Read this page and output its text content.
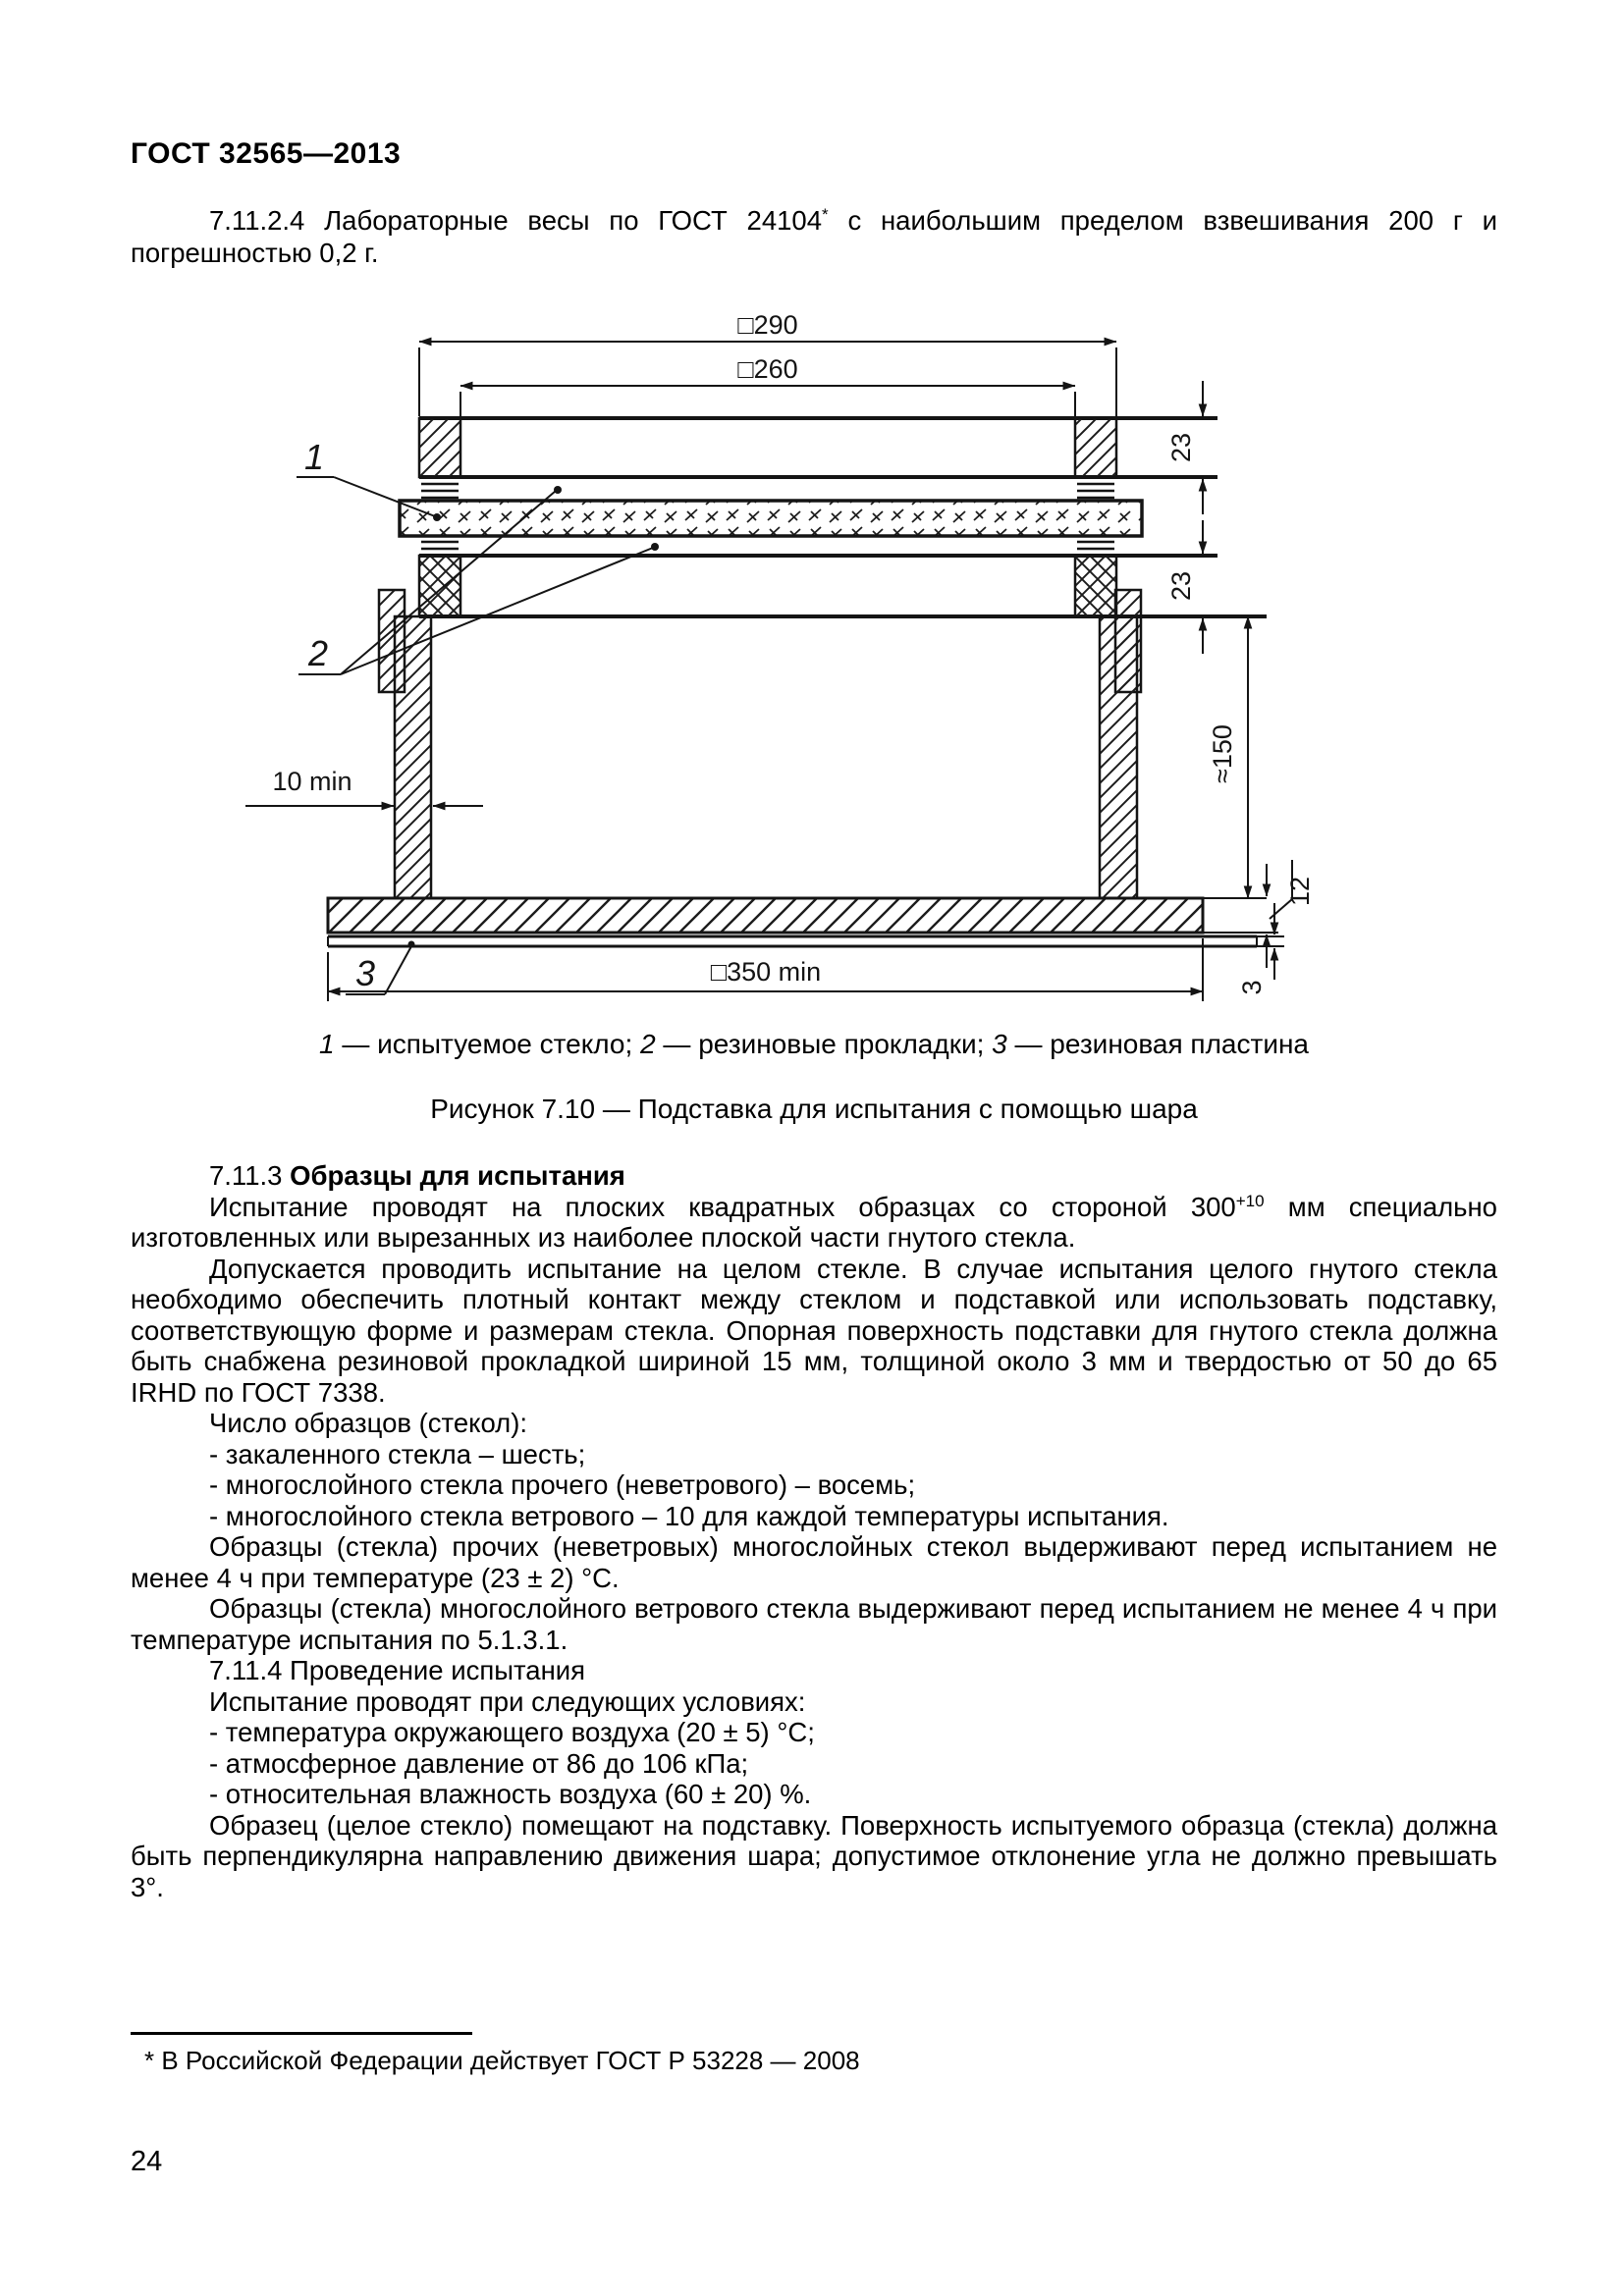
ГОСТ 32565—2013

7.11.2.4 Лабораторные весы по ГОСТ 24104* с наибольшим пределом взвешивания 200 г и погрешностью 0,2 г.

□290
□260
23
23
≈150
12
3
10 min
□350 min
1
2
3
1 — испытуемое стекло; 2 — резиновые прокладки; 3 — резиновая пластина
Рисунок 7.10 — Подставка для испытания с помощью шара

7.11.3 Образцы для испытания

Испытание проводят на плоских квадратных образцах со стороной $300^{+10}$ мм специально изготовленных или вырезанных из наиболее плоской части гнутого стекла.

Допускается проводить испытание на целом стекле. В случае испытания целого гнутого стекла необходимо обеспечить плотный контакт между стеклом и подставкой или использовать подставку, соответствующую форме и размерам стекла. Опорная поверхность подставки для гнутого стекла должна быть снабжена резиновой прокладкой шириной 15 мм, толщиной около 3 мм и твердостью от 50 до 65 IRHD по ГОСТ 7338.

Число образцов (стекол):

- закаленного стекла – шесть;

- многослойного стекла прочего (неветрового) – восемь;

- многослойного стекла ветрового – 10 для каждой температуры испытания.

Образцы (стекла) прочих (неветровых) многослойных стекол выдерживают перед испытанием не менее 4 ч при температуре (23 ± 2) °С.

Образцы (стекла) многослойного ветрового стекла выдерживают перед испытанием не менее 4 ч при температуре испытания по 5.1.3.1.

7.11.4 Проведение испытания

Испытание проводят при следующих условиях:

- температура окружающего воздуха (20 ± 5) °С;

- атмосферное давление от 86 до 106 кПа;

- относительная влажность воздуха (60 ± 20) %.

Образец (целое стекло) помещают на подставку. Поверхность испытуемого образца (стекла) должна быть перпендикулярна направлению движения шара; допустимое отклонение угла не должно превышать 3°.

* В Российской Федерации действует ГОСТ Р 53228 — 2008
24
